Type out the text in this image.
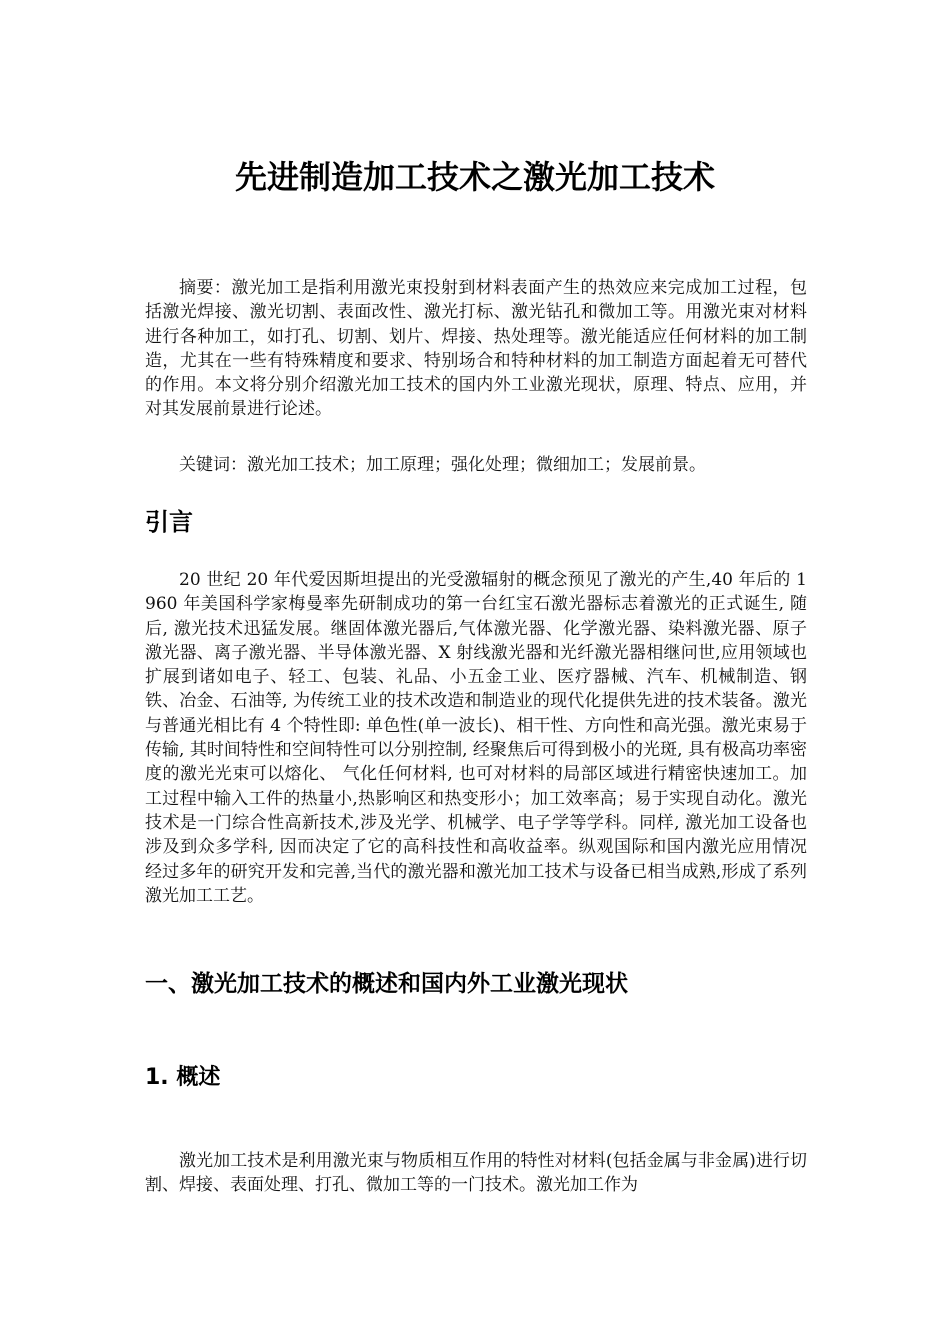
先进制造加工技术之激光加工技术

摘要：激光加工是指利用激光束投射到材料表面产生的热效应来完成加工过程，包括激光焊接、激光切割、表面改性、激光打标、激光钻孔和微加工等。用激光束对材料进行各种加工，如打孔、切割、划片、焊接、热处理等。激光能适应任何材料的加工制造，尤其在一些有特殊精度和要求、特别场合和特种材料的加工制造方面起着无可替代的作用。本文将分别介绍激光加工技术的国内外工业激光现状，原理、特点、应用，并对其发展前景进行论述。

关键词：激光加工技术；加工原理；强化处理；微细加工；发展前景。

引言

20 世纪 20 年代爱因斯坦提出的光受激辐射的概念预见了激光的产生,40 年后的 1960 年美国科学家梅曼率先研制成功的第一台红宝石激光器标志着激光的正式诞生, 随后, 激光技术迅猛发展。继固体激光器后,气体激光器、化学激光器、染料激光器、原子激光器、离子激光器、半导体激光器、X 射线激光器和光纤激光器相继问世,应用领域也扩展到诸如电子、轻工、包装、礼品、小五金工业、医疗器械、汽车、机械制造、钢铁、冶金、石油等, 为传统工业的技术改造和制造业的现代化提供先进的技术装备。激光与普通光相比有 4 个特性即: 单色性(单一波长)、相干性、方向性和高光强。激光束易于传输, 其时间特性和空间特性可以分别控制, 经聚焦后可得到极小的光斑, 具有极高功率密度的激光光束可以熔化、 气化任何材料, 也可对材料的局部区域进行精密快速加工。加工过程中输入工件的热量小,热影响区和热变形小；加工效率高；易于实现自动化。激光技术是一门综合性高新技术,涉及光学、机械学、电子学等学科。同样, 激光加工设备也涉及到众多学科, 因而决定了它的高科技性和高收益率。纵观国际和国内激光应用情况 经过多年的研究开发和完善,当代的激光器和激光加工技术与设备已相当成熟,形成了系列激光加工工艺。

一、激光加工技术的概述和国内外工业激光现状
1. 概述

激光加工技术是利用激光束与物质相互作用的特性对材料(包括金属与非金属)进行切割、焊接、表面处理、打孔、微加工等的一门技术。激光加工作为
